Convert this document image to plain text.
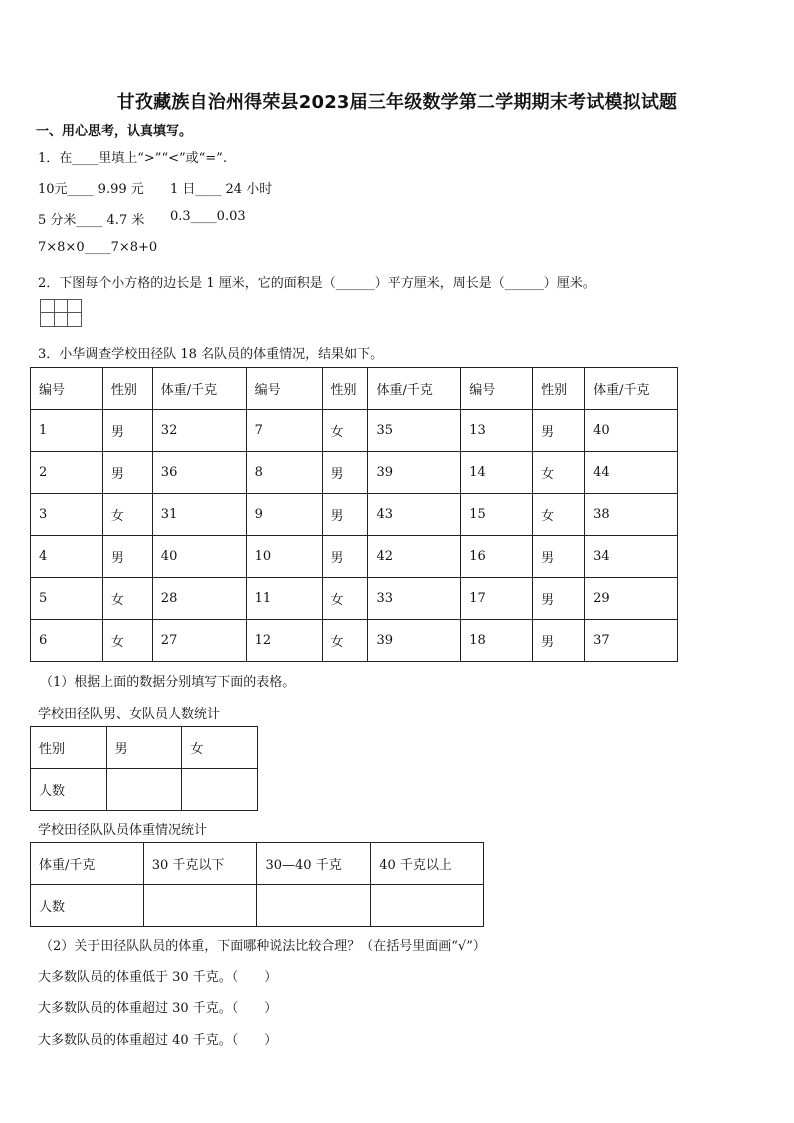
甘孜藏族自治州得荣县2023届三年级数学第二学期期末考试模拟试题
一、用心思考，认真填写。
1．在____里填上“>”“<”或“=”.
10元____ 9.99 元 1 日____ 24 小时
5 分米____ 4.7 米 0.3____0.03
7×8×0____7×8+0
2．下图每个小方格的边长是 1 厘米，它的面积是（______）平方厘米，周长是（______）厘米。
3．小华调查学校田径队 18 名队员的体重情况，结果如下。
编号	性别	体重/千克	编号	性别	体重/千克	编号	性别	体重/千克
1	男	32	7	女	35	13	男	40
2	男	36	8	男	39	14	女	44
3	女	31	9	男	43	15	女	38
4	男	40	10	男	42	16	男	34
5	女	28	11	女	33	17	男	29
6	女	27	12	女	39	18	男	37
（1）根据上面的数据分别填写下面的表格。
学校田径队男、女队员人数统计
性别	男	女
人数		
学校田径队队员体重情况统计
体重/千克	30 千克以下	30—40 千克	40 千克以上
人数			
（2）关于田径队队员的体重，下面哪种说法比较合理？（在括号里面画“√”）
大多数队员的体重低于 30 千克。（　　）
大多数队员的体重超过 30 千克。（　　）
大多数队员的体重超过 40 千克。（　　）
